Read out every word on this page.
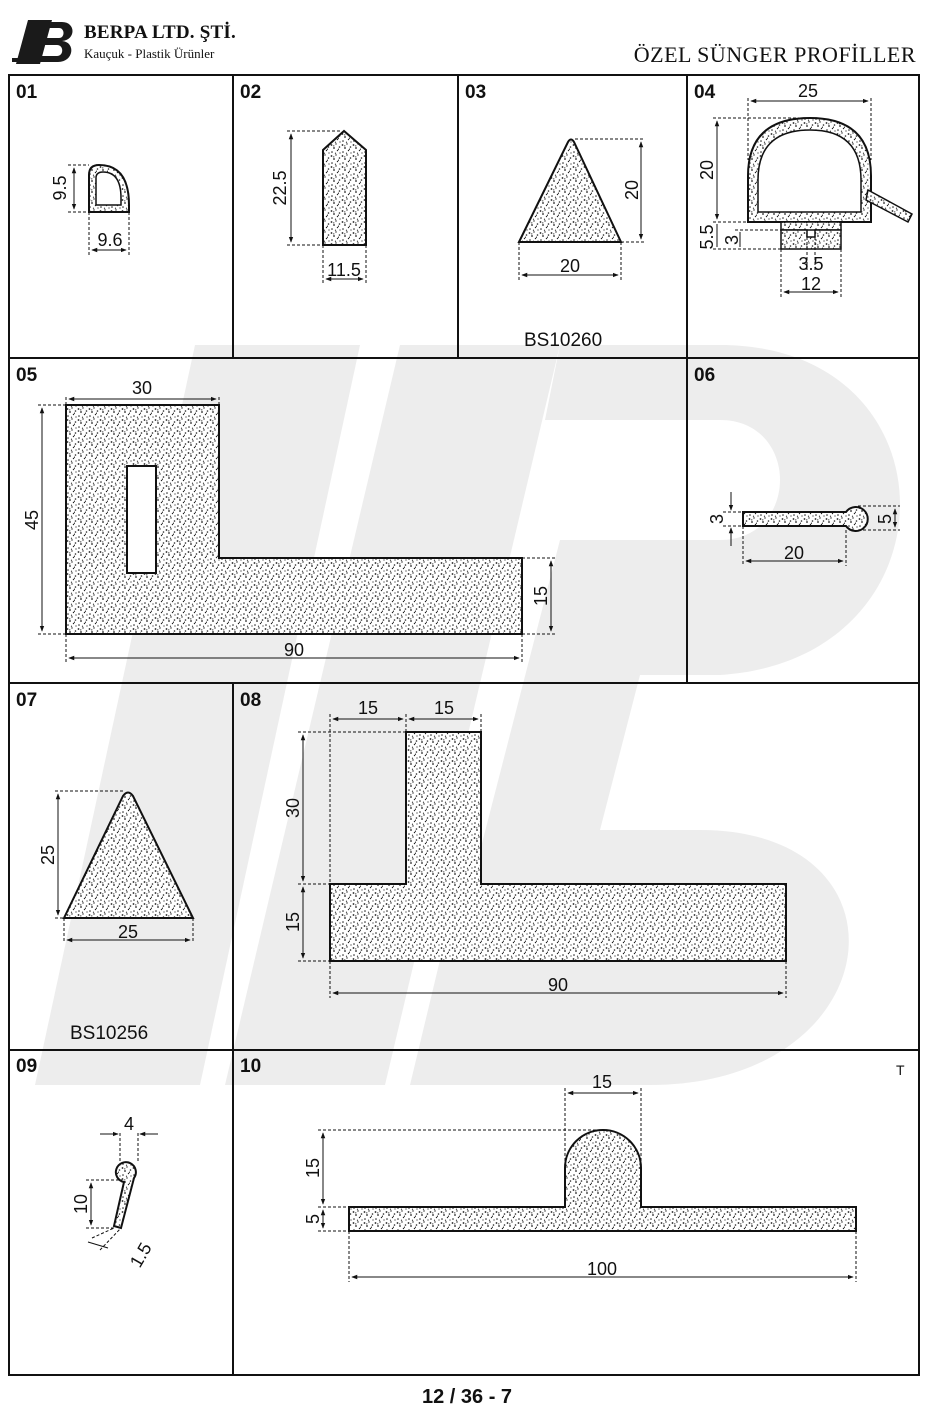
BERPA LTD. ŞTİ.
Kauçuk - Plastik Ürünler	ÖZEL SÜNGER PROFİLLER
9.5
9.6
22.5
11.5
20
20
25
20
5.5 3
3.5
12
30
45
15
90
3	5
20
25
25
15	15
30
15
90
4
10
1.5
15
15
5
100
01	02	03	04
05	06
07	08
09	10
BS10260
BS10256
T
12 / 36 - 7
